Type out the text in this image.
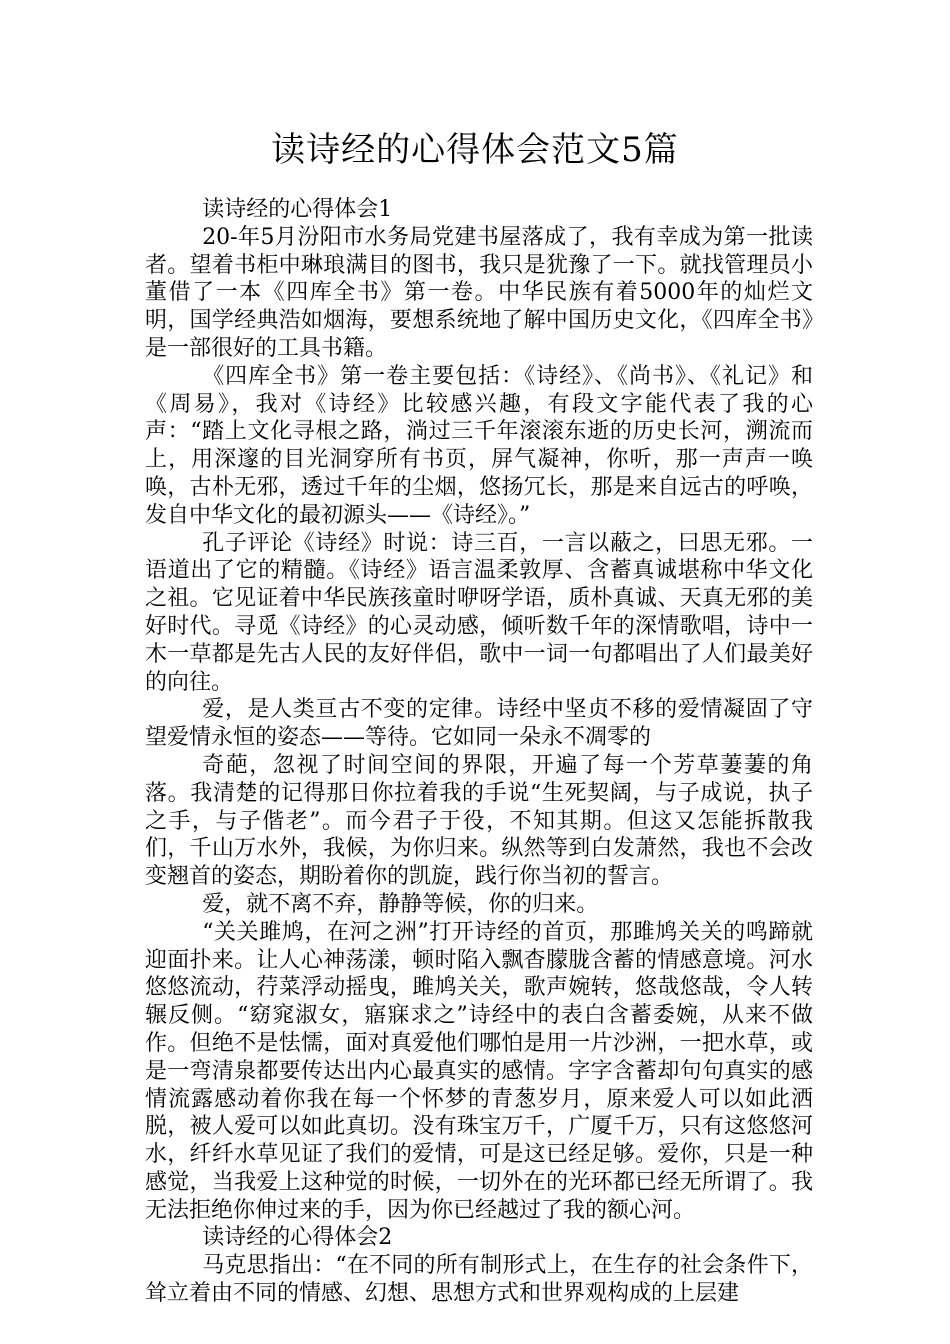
读诗经的心得体会范文5篇

读诗经的心得体会1

20-年5月汾阳市水务局党建书屋落成了，我有幸成为第一批读者。望着书柜中琳琅满目的图书，我只是犹豫了一下。就找管理员小董借了一本《四库全书》第一卷。中华民族有着5000年的灿烂文明，国学经典浩如烟海，要想系统地了解中国历史文化，《四库全书》是一部很好的工具书籍。

《四库全书》第一卷主要包括：《诗经》、《尚书》、《礼记》和《周易》，我对《诗经》比较感兴趣，有段文字能代表了我的心声：“踏上文化寻根之路，淌过三千年滚滚东逝的历史长河，溯流而上，用深邃的目光洞穿所有书页，屏气凝神，你听，那一声声一唤唤，古朴无邪，透过千年的尘烟，悠扬冗长，那是来自远古的呼唤，发自中华文化的最初源头——《诗经》。”

孔子评论《诗经》时说：诗三百，一言以蔽之，曰思无邪。一语道出了它的精髓。《诗经》语言温柔敦厚、含蓄真诚堪称中华文化之祖。它见证着中华民族孩童时咿呀学语，质朴真诚、天真无邪的美好时代。寻觅《诗经》的心灵动感，倾听数千年的深情歌唱，诗中一木一草都是先古人民的友好伴侣，歌中一词一句都唱出了人们最美好的向往。

爱，是人类亘古不变的定律。诗经中坚贞不移的爱情凝固了守望爱情永恒的姿态——等待。它如同一朵永不凋零的

奇葩，忽视了时间空间的界限，开遍了每一个芳草萋萋的角落。我清楚的记得那日你拉着我的手说“生死契阔，与子成说，执子之手，与子偕老”。而今君子于役，不知其期。但这又怎能拆散我们，千山万水外，我候，为你归来。纵然等到白发萧然，我也不会改变翘首的姿态，期盼着你的凯旋，践行你当初的誓言。

爱，就不离不弃，静静等候，你的归来。

“关关雎鸠，在河之洲”打开诗经的首页，那雎鸠关关的鸣蹄就迎面扑来。让人心神荡漾，顿时陷入飘杳朦胧含蓄的情感意境。河水悠悠流动，荇菜浮动摇曳，雎鸠关关，歌声婉转，悠哉悠哉，令人转辗反侧。“窈窕淑女，寤寐求之”诗经中的表白含蓄委婉，从来不做作。但绝不是怯懦，面对真爱他们哪怕是用一片沙洲，一把水草，或是一弯清泉都要传达出内心最真实的感情。字字含蓄却句句真实的感情流露感动着你我在每一个怀梦的青葱岁月，原来爱人可以如此洒脱，被人爱可以如此真切。没有珠宝万千，广厦千万，只有这悠悠河水，纤纤水草见证了我们的爱情，可是这已经足够。爱你，只是一种感觉，当我爱上这种觉的时候，一切外在的光环都已经无所谓了。我无法拒绝你伸过来的手，因为你已经越过了我的额心河。

读诗经的心得体会2

马克思指出：“在不同的所有制形式上，在生存的社会条件下，耸立着由不同的情感、幻想、思想方式和世界观构成的上层建
